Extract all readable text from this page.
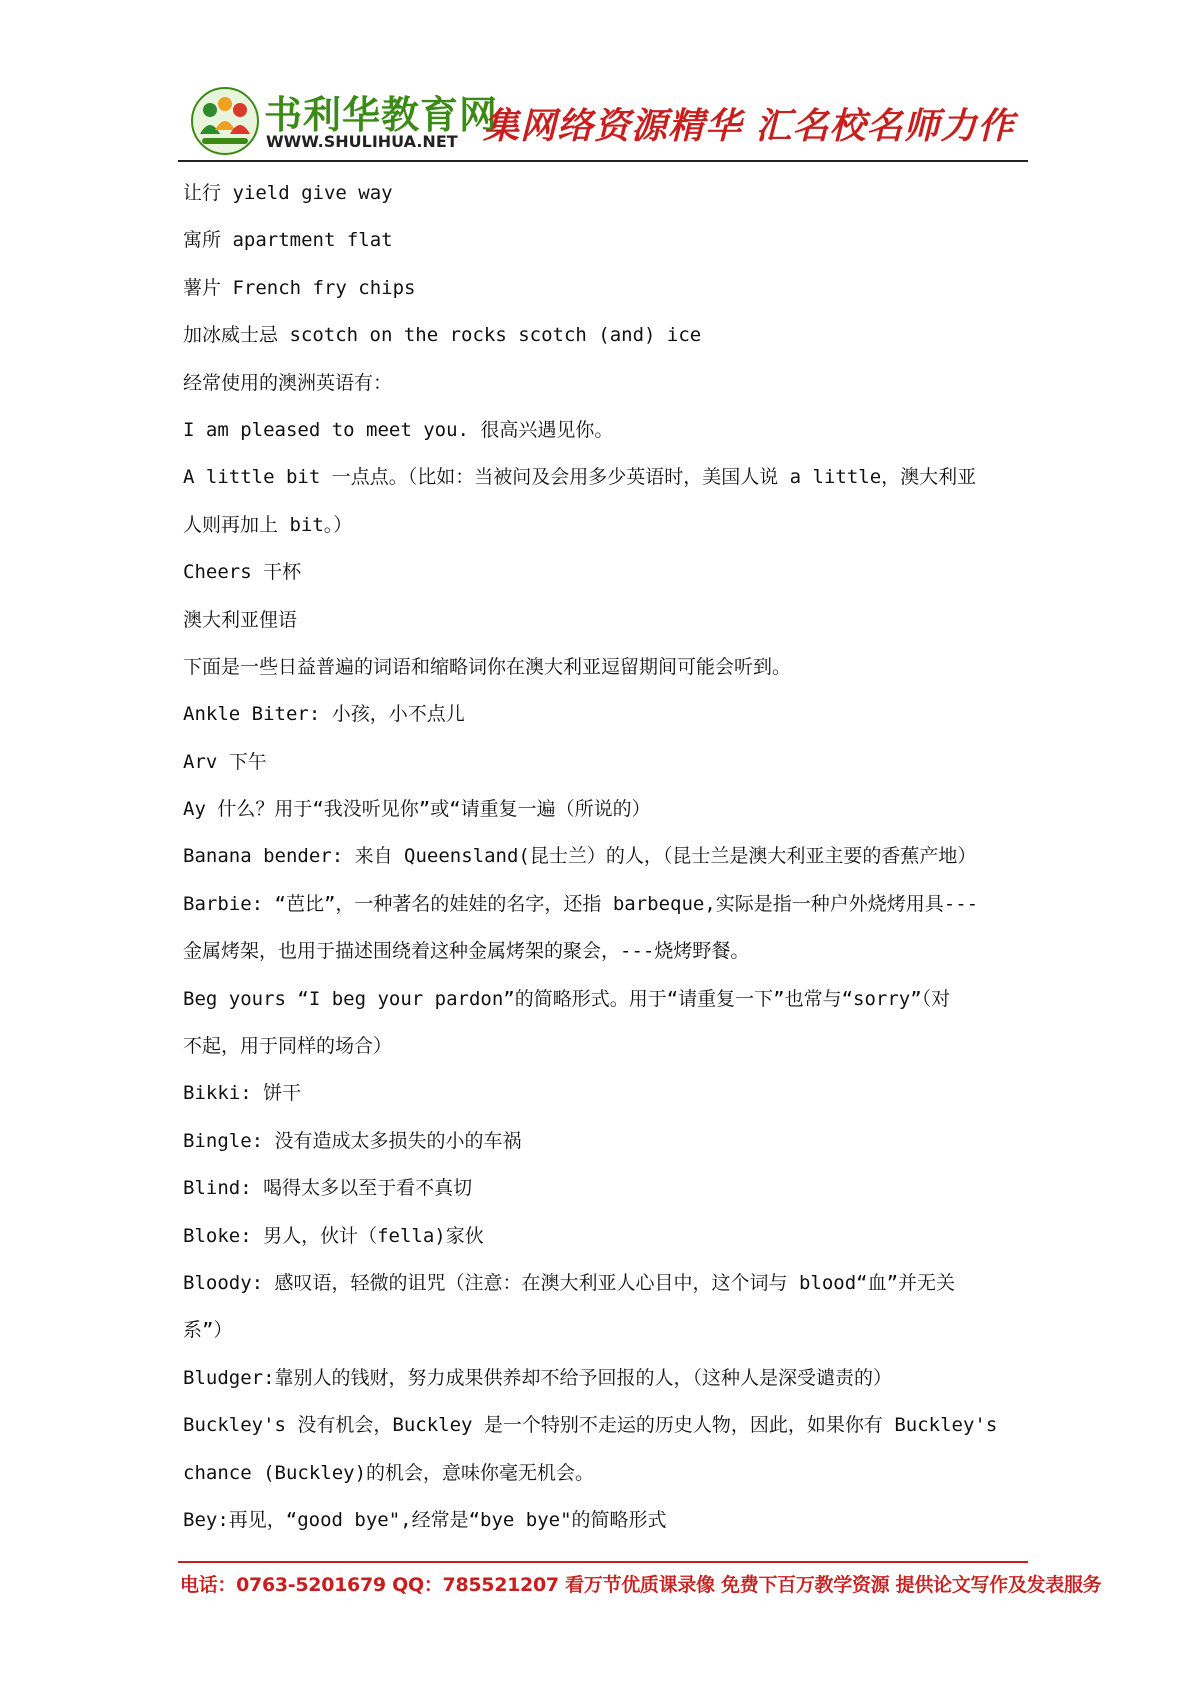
书利华教育网
WWW.SHULIHUA.NET 集网络资源精华 汇名校名师力作
让行 yield give way
寓所 apartment flat
薯片 French fry chips
加冰威士忌 scotch on the rocks scotch (and) ice
经常使用的澳洲英语有：
I am pleased to meet you. 很高兴遇见你。
A little bit 一点点。（比如：当被问及会用多少英语时，美国人说 a little，澳大利亚
人则再加上 bit。）
Cheers 干杯
澳大利亚俚语
下面是一些日益普遍的词语和缩略词你在澳大利亚逗留期间可能会听到。
Ankle Biter: 小孩，小不点儿
Arv 下午
Ay 什么？用于“我没听见你”或“请重复一遍（所说的）
Banana bender: 来自 Queensland(昆士兰）的人，（昆士兰是澳大利亚主要的香蕉产地）
Barbie: “芭比”，一种著名的娃娃的名字，还指 barbeque,实际是指一种户外烧烤用具---
金属烤架，也用于描述围绕着这种金属烤架的聚会，---烧烤野餐。
Beg yours “I beg your pardon”的简略形式。用于“请重复一下”也常与“sorry”（对
不起，用于同样的场合）
Bikki: 饼干
Bingle: 没有造成太多损失的小的车祸
Blind: 喝得太多以至于看不真切
Bloke: 男人，伙计（fella)家伙
Bloody: 感叹语，轻微的诅咒（注意：在澳大利亚人心目中，这个词与 blood“血”并无关
系”）
Bludger:靠别人的钱财，努力成果供养却不给予回报的人，（这种人是深受谴责的）
Buckley's 没有机会，Buckley 是一个特别不走运的历史人物，因此，如果你有 Buckley's
chance (Buckley)的机会，意味你毫无机会。
Bey:再见，“good bye",经常是“bye bye"的简略形式
电话：0763-5201679 QQ：785521207 看万节优质课录像 免费下百万教学资源 提供论文写作及发表服务
